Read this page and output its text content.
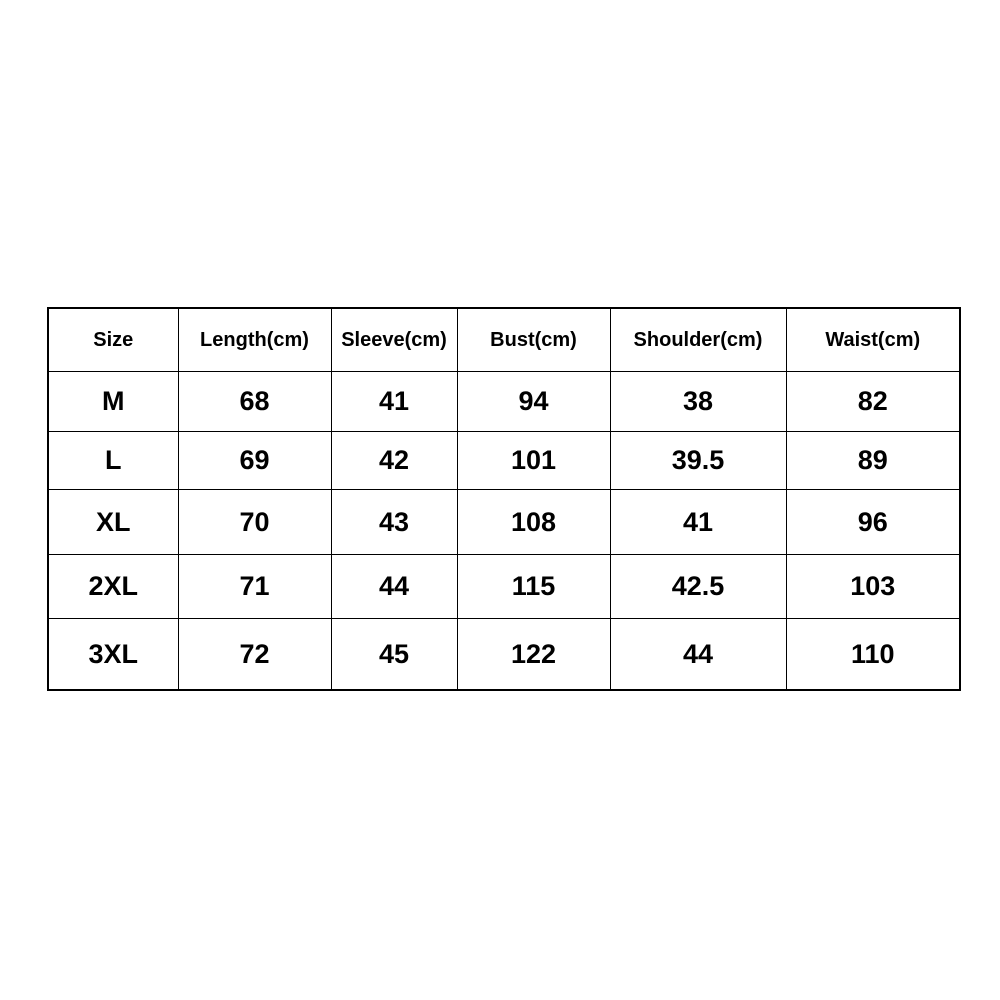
Size	Length(cm)	Sleeve(cm)	Bust(cm)	Shoulder(cm)	Waist(cm)
M	68	41	94	38	82
L	69	42	101	39.5	89
XL	70	43	108	41	96
2XL	71	44	115	42.5	103
3XL	72	45	122	44	110
